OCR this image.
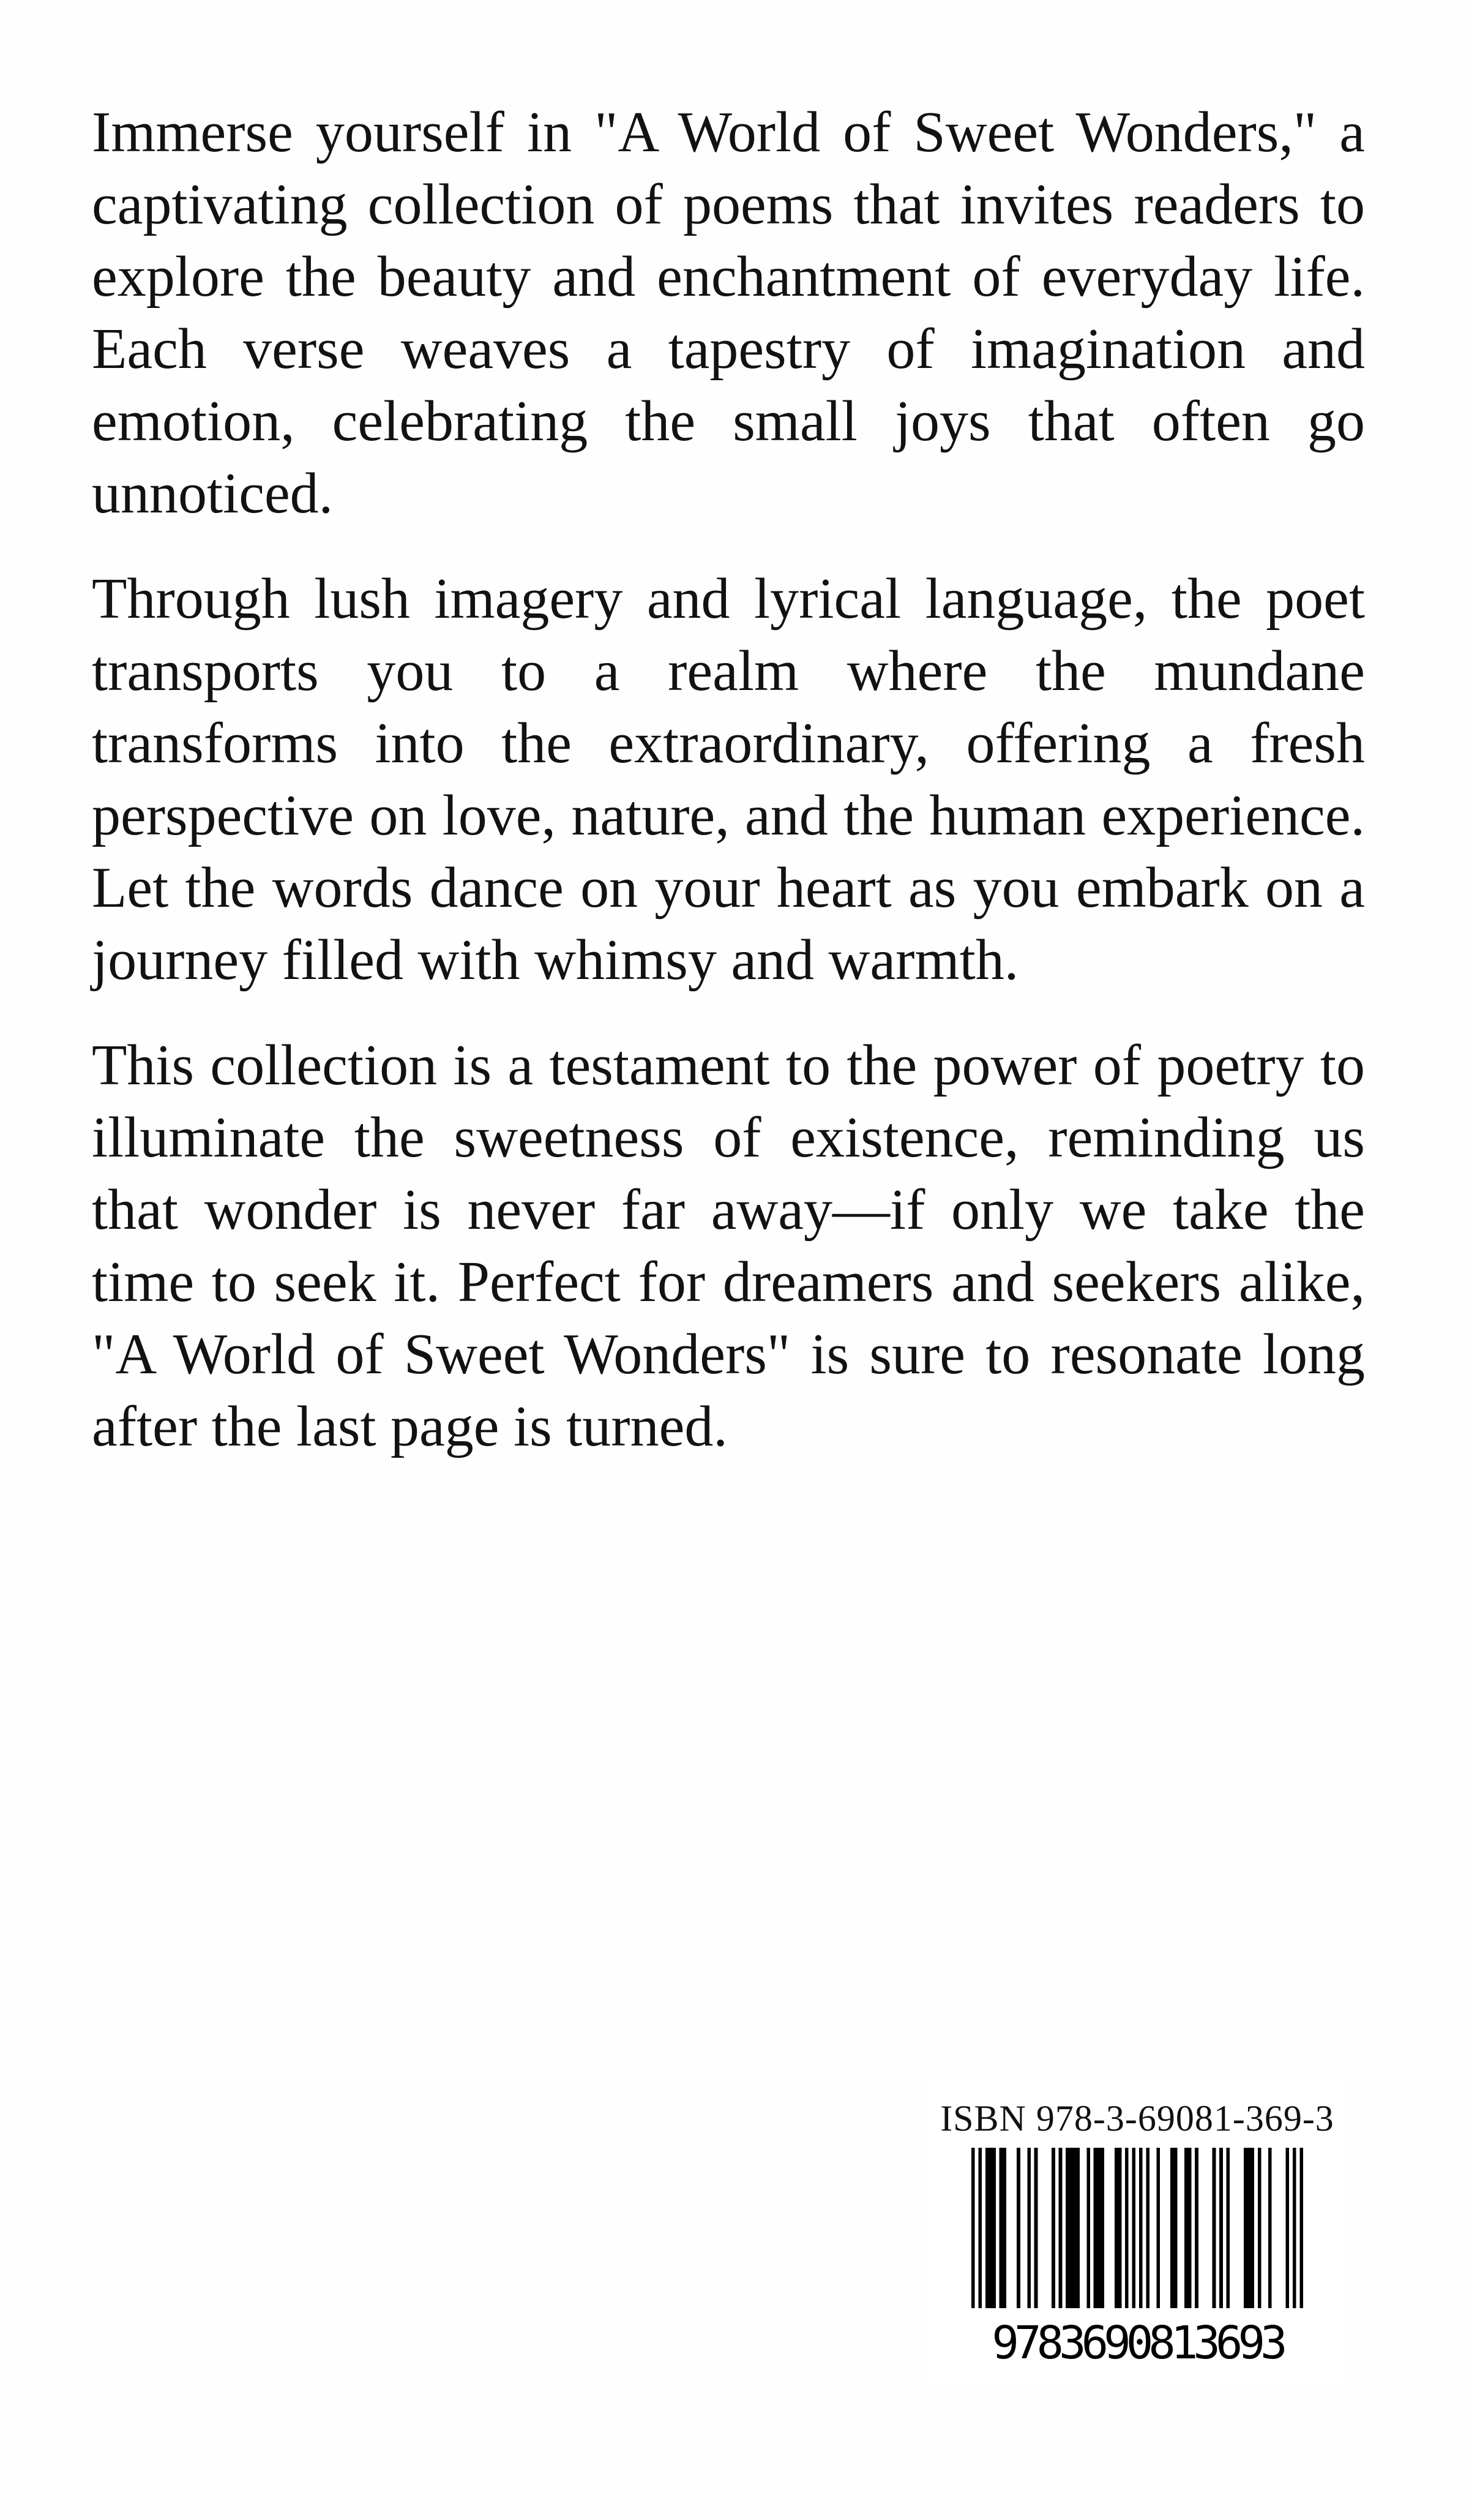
Immerse yourself in "A World of Sweet Wonders," a captivating collection of poems that invites readers to explore the beauty and enchantment of everyday life. Each verse weaves a tapestry of imagination and emotion, celebrating the small joys that often go unnoticed.

Through lush imagery and lyrical language, the poet transports you to a realm where the mundane transforms into the extraordinary, offering a fresh perspective on love, nature, and the human experience. Let the words dance on your heart as you embark on a journey filled with whimsy and warmth.

This collection is a testament to the power of poetry to illuminate the sweetness of existence, reminding us that wonder is never far away—if only we take the time to seek it. Perfect for dreamers and seekers alike, "A World of Sweet Wonders" is sure to resonate long after the last page is turned.

ISBN 978-3-69081-369-3
9783690813693
